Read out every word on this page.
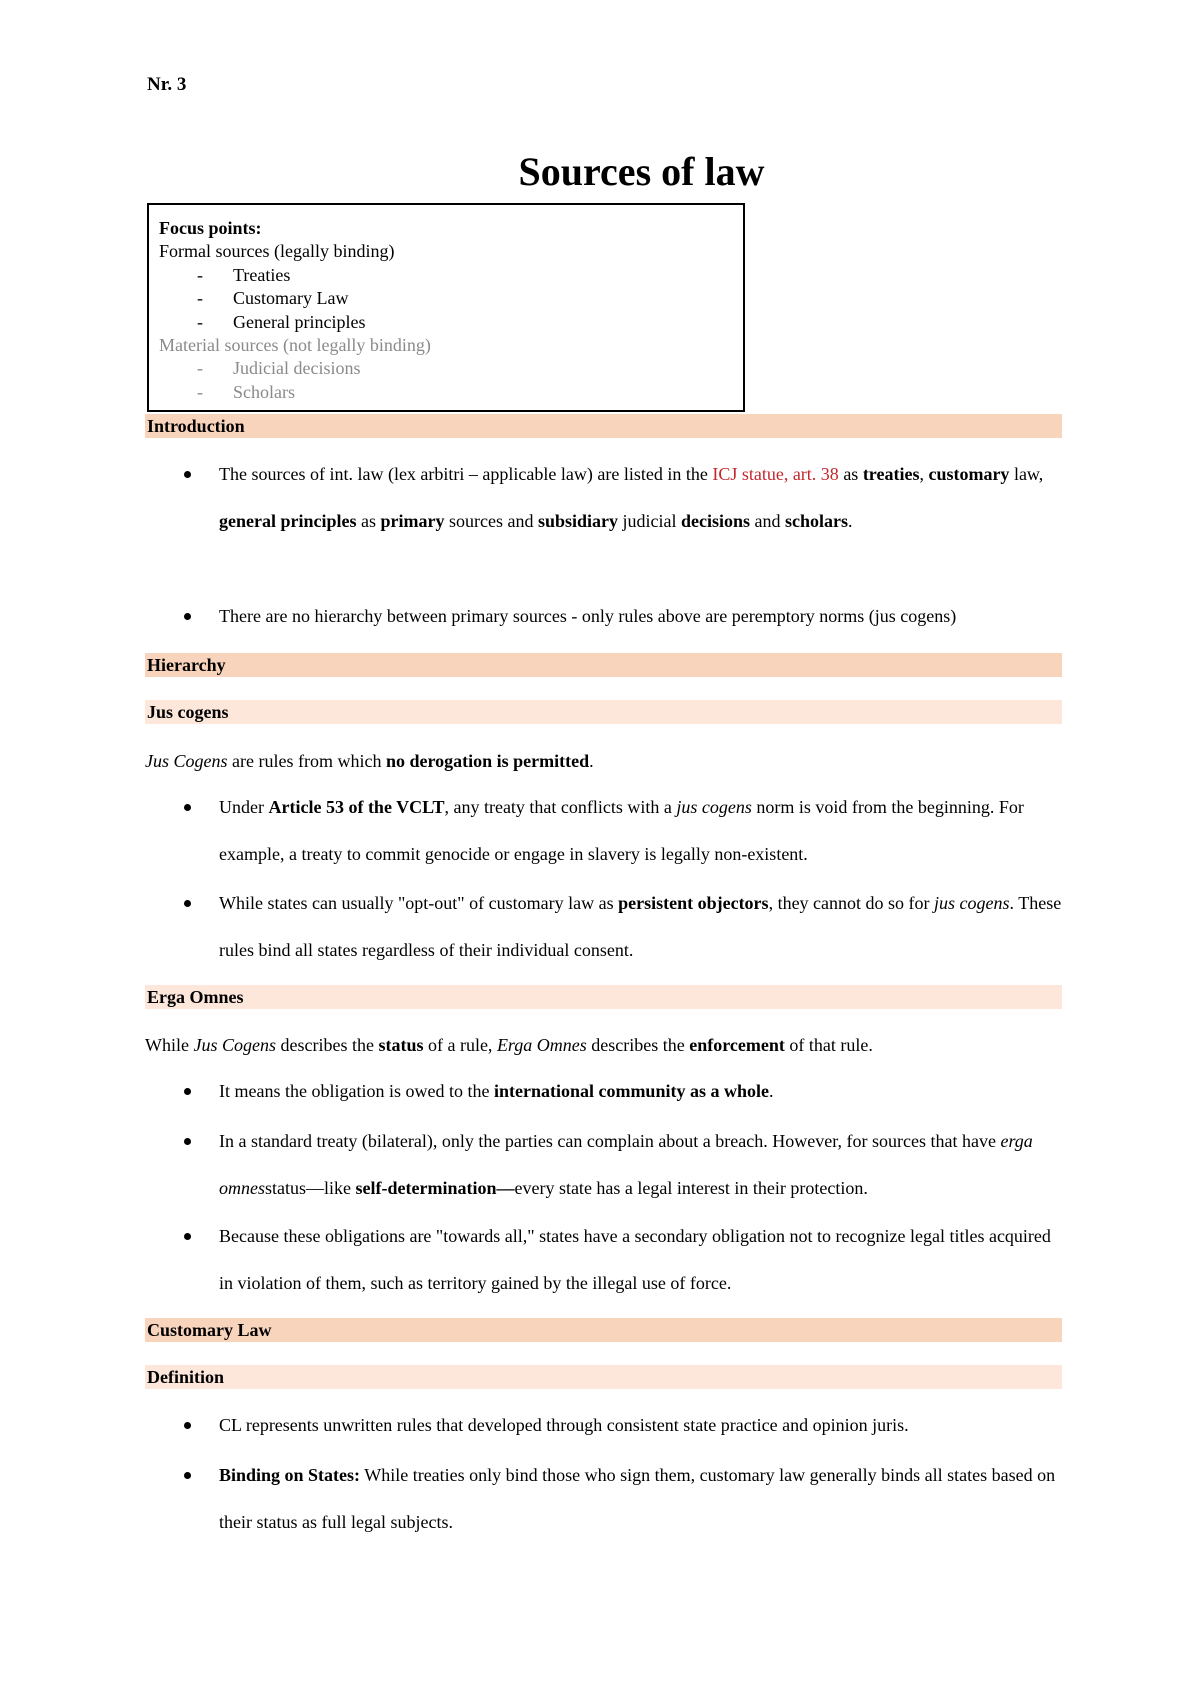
Nr. 3
Sources of law
Focus points:
Formal sources (legally binding)
- Treaties
- Customary Law
- General principles
Material sources (not legally binding)
- Judicial decisions
- Scholars
Introduction
The sources of int. law (lex arbitri – applicable law) are listed in the ICJ statue, art. 38 as treaties, customary law, general principles as primary sources and subsidiary judicial decisions and scholars.
There are no hierarchy between primary sources - only rules above are peremptory norms (jus cogens)
Hierarchy
Jus cogens
Jus Cogens are rules from which no derogation is permitted.
Under Article 53 of the VCLT, any treaty that conflicts with a jus cogens norm is void from the beginning. For example, a treaty to commit genocide or engage in slavery is legally non-existent.
While states can usually "opt-out" of customary law as persistent objectors, they cannot do so for jus cogens. These rules bind all states regardless of their individual consent.
Erga Omnes
While Jus Cogens describes the status of a rule, Erga Omnes describes the enforcement of that rule.
It means the obligation is owed to the international community as a whole.
In a standard treaty (bilateral), only the parties can complain about a breach. However, for sources that have erga omnesstatus—like self-determination—every state has a legal interest in their protection.
Because these obligations are "towards all," states have a secondary obligation not to recognize legal titles acquired in violation of them, such as territory gained by the illegal use of force.
Customary Law
Definition
CL represents unwritten rules that developed through consistent state practice and opinion juris.
Binding on States: While treaties only bind those who sign them, customary law generally binds all states based on their status as full legal subjects.
